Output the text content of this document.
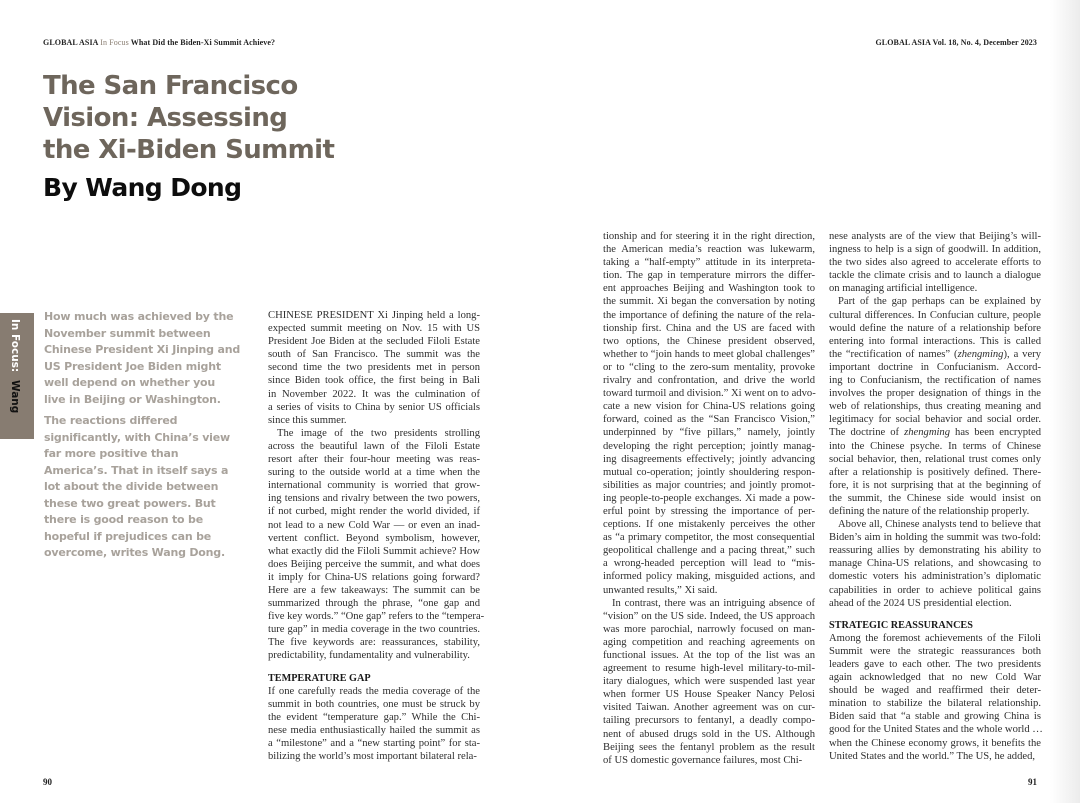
GLOBAL ASIA In Focus What Did the Biden-Xi Summit Achieve?	GLOBAL ASIA Vol. 18, No. 4, December 2023
The San Francisco
Vision: Assessing
the Xi-Biden Summit
By Wang Dong
In Focus: Wang

How much was achieved by the November summit between Chinese President Xi Jinping and US President Joe Biden might well depend on whether you live in Beijing or Washington.

The reactions differed significantly, with China’s view far more positive than America’s. That in itself says a lot about the divide between these two great powers. But there is good reason to be hopeful if prejudices can be overcome, writes Wang Dong.

CHINESE PRESIDENT Xi Jinping held a long-
expected summit meeting on Nov. 15 with US
President Joe Biden at the secluded Filoli Estate
south of San Francisco. The summit was the
second time the two presidents met in person
since Biden took office, the first being in Bali
in November 2022. It was the culmination of
a series of visits to China by senior US officials
since this summer.

The image of the two presidents strolling
across the beautiful lawn of the Filoli Estate
resort after their four-hour meeting was reas-
suring to the outside world at a time when the
international community is worried that grow-
ing tensions and rivalry between the two powers,
if not curbed, might render the world divided, if
not lead to a new Cold War — or even an inad-
vertent conflict. Beyond symbolism, however,
what exactly did the Filoli Summit achieve? How
does Beijing perceive the summit, and what does
it imply for China-US relations going forward?
Here are a few takeaways: The summit can be
summarized through the phrase, “one gap and
five key words.” “One gap” refers to the “tempera-
ture gap” in media coverage in the two countries.
The five keywords are: reassurances, stability,
predictability, fundamentality and vulnerability.

TEMPERATURE GAP

If one carefully reads the media coverage of the
summit in both countries, one must be struck by
the evident “temperature gap.” While the Chi-
nese media enthusiastically hailed the summit as
a “milestone” and a “new starting point” for sta-
bilizing the world’s most important bilateral rela-

tionship and for steering it in the right direction,
the American media’s reaction was lukewarm,
taking a “half-empty” attitude in its interpreta-
tion. The gap in temperature mirrors the differ-
ent approaches Beijing and Washington took to
the summit. Xi began the conversation by noting
the importance of defining the nature of the rela-
tionship first. China and the US are faced with
two options, the Chinese president observed,
whether to “join hands to meet global challenges”
or to “cling to the zero-sum mentality, provoke
rivalry and confrontation, and drive the world
toward turmoil and division.” Xi went on to advo-
cate a new vision for China-US relations going
forward, coined as the “San Francisco Vision,”
underpinned by “five pillars,” namely, jointly
developing the right perception; jointly manag-
ing disagreements effectively; jointly advancing
mutual co-operation; jointly shouldering respon-
sibilities as major countries; and jointly promot-
ing people-to-people exchanges. Xi made a pow-
erful point by stressing the importance of per-
ceptions. If one mistakenly perceives the other
as “a primary competitor, the most consequential
geopolitical challenge and a pacing threat,” such
a wrong-headed perception will lead to “mis-
informed policy making, misguided actions, and
unwanted results,” Xi said.

In contrast, there was an intriguing absence of
“vision” on the US side. Indeed, the US approach
was more parochial, narrowly focused on man-
aging competition and reaching agreements on
functional issues. At the top of the list was an
agreement to resume high-level military-to-mil-
itary dialogues, which were suspended last year
when former US House Speaker Nancy Pelosi
visited Taiwan. Another agreement was on cur-
tailing precursors to fentanyl, a deadly compo-
nent of abused drugs sold in the US. Although
Beijing sees the fentanyl problem as the result
of US domestic governance failures, most Chi-

nese analysts are of the view that Beijing’s will-
ingness to help is a sign of goodwill. In addition,
the two sides also agreed to accelerate efforts to
tackle the climate crisis and to launch a dialogue
on managing artificial intelligence.

Part of the gap perhaps can be explained by
cultural differences. In Confucian culture, people
would define the nature of a relationship before
entering into formal interactions. This is called
the “rectification of names” (zhengming), a very
important doctrine in Confucianism. Accord-
ing to Confucianism, the rectification of names
involves the proper designation of things in the
web of relationships, thus creating meaning and
legitimacy for social behavior and social order.
The doctrine of zhengming has been encrypted
into the Chinese psyche. In terms of Chinese
social behavior, then, relational trust comes only
after a relationship is positively defined. There-
fore, it is not surprising that at the beginning of
the summit, the Chinese side would insist on
defining the nature of the relationship properly.

Above all, Chinese analysts tend to believe that
Biden’s aim in holding the summit was two-fold:
reassuring allies by demonstrating his ability to
manage China-US relations, and showcasing to
domestic voters his administration’s diplomatic
capabilities in order to achieve political gains
ahead of the 2024 US presidential election.

STRATEGIC REASSURANCES

Among the foremost achievements of the Filoli
Summit were the strategic reassurances both
leaders gave to each other. The two presidents
again acknowledged that no new Cold War
should be waged and reaffirmed their deter-
mination to stabilize the bilateral relationship.
Biden said that “a stable and growing China is
good for the United States and the whole world …
when the Chinese economy grows, it benefits the
United States and the world.” The US, he added,

90	91
